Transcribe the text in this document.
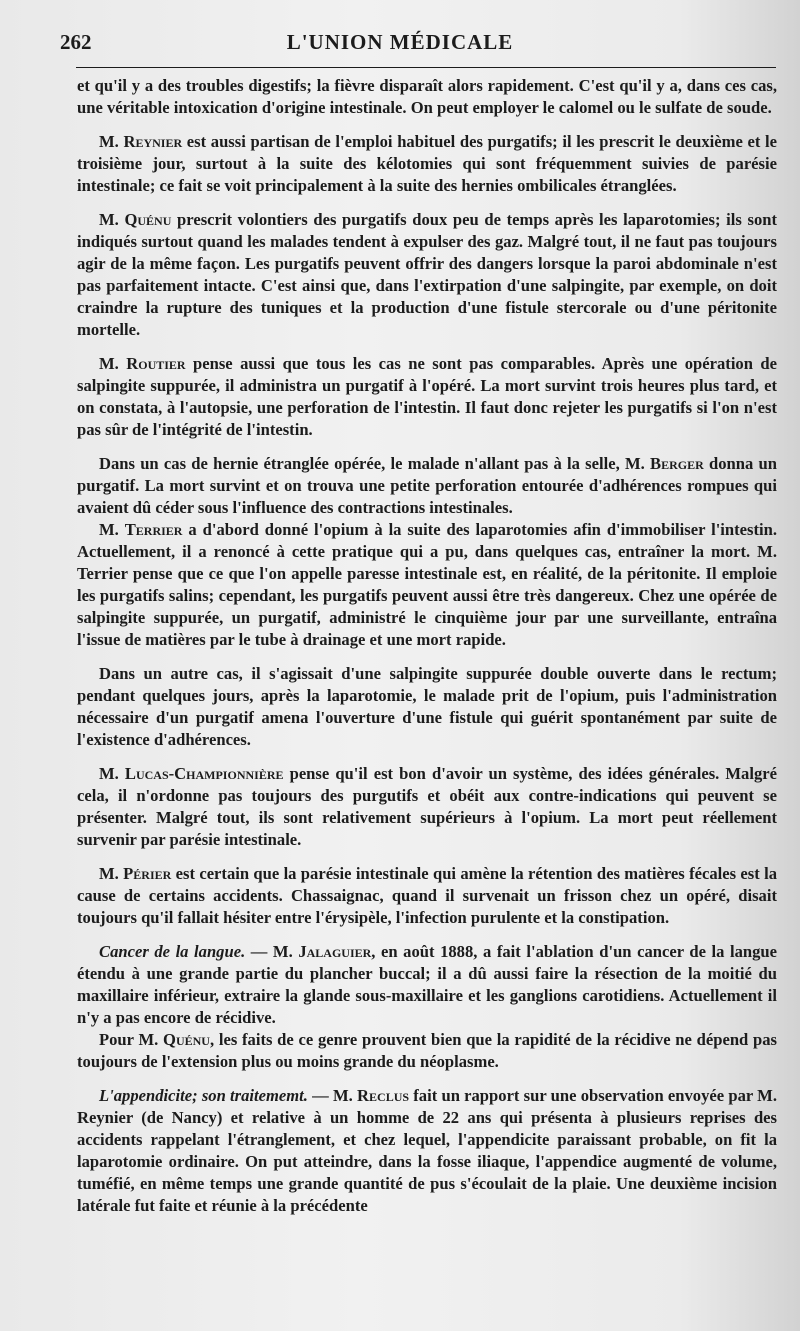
262	L'UNION MÉDICALE

et qu'il y a des troubles digestifs; la fièvre disparaît alors rapidement. C'est qu'il y a, dans ces cas, une véritable intoxication d'origine intestinale. On peut employer le calomel ou le sulfate de soude.

M. Reynier est aussi partisan de l'emploi habituel des purgatifs; il les prescrit le deuxième et le troisième jour, surtout à la suite des kélotomies qui sont fréquemment suivies de parésie intestinale; ce fait se voit principalement à la suite des hernies ombilicales étranglées.

M. Quénu prescrit volontiers des purgatifs doux peu de temps après les laparotomies; ils sont indiqués surtout quand les malades tendent à expulser des gaz. Malgré tout, il ne faut pas toujours agir de la même façon. Les purgatifs peuvent offrir des dangers lorsque la paroi abdominale n'est pas parfaitement intacte. C'est ainsi que, dans l'extirpation d'une salpingite, par exemple, on doit craindre la rupture des tuniques et la production d'une fistule stercorale ou d'une péritonite mortelle.

M. Routier pense aussi que tous les cas ne sont pas comparables. Après une opération de salpingite suppurée, il administra un purgatif à l'opéré. La mort survint trois heures plus tard, et on constata, à l'autopsie, une perforation de l'intestin. Il faut donc rejeter les purgatifs si l'on n'est pas sûr de l'intégrité de l'intestin.

Dans un cas de hernie étranglée opérée, le malade n'allant pas à la selle, M. Berger donna un purgatif. La mort survint et on trouva une petite perforation entourée d'adhérences rompues qui avaient dû céder sous l'influence des contractions intestinales.

M. Terrier a d'abord donné l'opium à la suite des laparotomies afin d'immobiliser l'intestin. Actuellement, il a renoncé à cette pratique qui a pu, dans quelques cas, entraîner la mort. M. Terrier pense que ce que l'on appelle paresse intestinale est, en réalité, de la péritonite. Il emploie les purgatifs salins; cependant, les purgatifs peuvent aussi être très dangereux. Chez une opérée de salpingite suppurée, un purgatif, administré le cinquième jour par une surveillante, entraîna l'issue de matières par le tube à drainage et une mort rapide.

Dans un autre cas, il s'agissait d'une salpingite suppurée double ouverte dans le rectum; pendant quelques jours, après la laparotomie, le malade prit de l'opium, puis l'administration nécessaire d'un purgatif amena l'ouverture d'une fistule qui guérit spontanément par suite de l'existence d'adhérences.

M. Lucas-Championnière pense qu'il est bon d'avoir un système, des idées générales. Malgré cela, il n'ordonne pas toujours des purgutifs et obéit aux contre-indications qui peuvent se présenter. Malgré tout, ils sont relativement supérieurs à l'opium. La mort peut réellement survenir par parésie intestinale.

M. Périer est certain que la parésie intestinale qui amène la rétention des matières fécales est la cause de certains accidents. Chassaignac, quand il survenait un frisson chez un opéré, disait toujours qu'il fallait hésiter entre l'érysipèle, l'infection purulente et la constipation.

Cancer de la langue. — M. Jalaguier, en août 1888, a fait l'ablation d'un cancer de la langue étendu à une grande partie du plancher buccal; il a dû aussi faire la résection de la moitié du maxillaire inférieur, extraire la glande sous-maxillaire et les ganglions carotidiens. Actuellement il n'y a pas encore de récidive.

Pour M. Quénu, les faits de ce genre prouvent bien que la rapidité de la récidive ne dépend pas toujours de l'extension plus ou moins grande du néoplasme.

L'appendicite; son traitememt. — M. Reclus fait un rapport sur une observation envoyée par M. Reynier (de Nancy) et relative à un homme de 22 ans qui présenta à plusieurs reprises des accidents rappelant l'étranglement, et chez lequel, l'appendicite paraissant probable, on fit la laparotomie ordinaire. On put atteindre, dans la fosse iliaque, l'appendice augmenté de volume, tuméfié, en même temps une grande quantité de pus s'écoulait de la plaie. Une deuxième incision latérale fut faite et réunie à la précédente
